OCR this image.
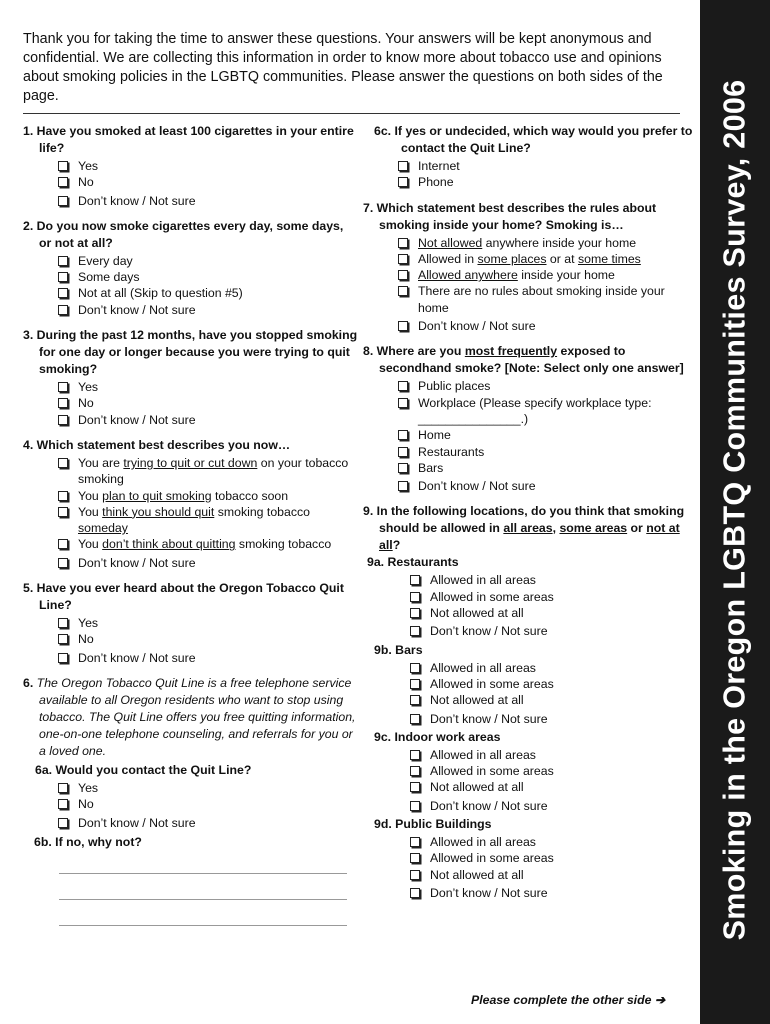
Smoking in the Oregon LGBTQ Communities Survey, 2006
Thank you for taking the time to answer these questions. Your answers will be kept anonymous and confidential. We are collecting this information in order to know more about tobacco use and opinions about smoking policies in the LGBTQ communities. Please answer the questions on both sides of the page.
1. Have you smoked at least 100 cigarettes in your entire life?
Yes
No
Don’t know / Not sure
2. Do you now smoke cigarettes every day, some days, or not at all?
Every day
Some days
Not at all (Skip to question #5)
Don’t know / Not sure
3. During the past 12 months, have you stopped smoking for one day or longer because you were trying to quit smoking?
Yes
No
Don’t know / Not sure
4. Which statement best describes you now…
You are trying to quit or cut down on your tobacco smoking
You plan to quit smoking tobacco soon
You think you should quit smoking tobacco someday
You don’t think about quitting smoking tobacco
Don’t know / Not sure
5. Have you ever heard about the Oregon Tobacco Quit Line?
Yes
No
Don’t know / Not sure
6. The Oregon Tobacco Quit Line is a free telephone service available to all Oregon residents who want to stop using tobacco. The Quit Line offers you free quitting information, one-on-one telephone counseling, and referrals for you or a loved one.
6a. Would you contact the Quit Line?
Yes
No
Don’t know / Not sure
6b. If no, why not?
6c. If yes or undecided, which way would you prefer to contact the Quit Line?
Internet
Phone
7. Which statement best describes the rules about smoking inside your home? Smoking is…
Not allowed anywhere inside your home
Allowed in some places or at some times
Allowed anywhere inside your home
There are no rules about smoking inside your home
Don’t know / Not sure
8. Where are you most frequently exposed to secondhand smoke? [Note: Select only one answer]
Public places
Workplace (Please specify workplace type: _______________.)
Home
Restaurants
Bars
Don’t know / Not sure
9. In the following locations, do you think that smoking should be allowed in all areas, some areas or not at all?
9a. Restaurants
Allowed in all areas
Allowed in some areas
Not allowed at all
Don’t know / Not sure
9b. Bars
Allowed in all areas
Allowed in some areas
Not allowed at all
Don’t know / Not sure
9c. Indoor work areas
Allowed in all areas
Allowed in some areas
Not allowed at all
Don’t know / Not sure
9d. Public Buildings
Allowed in all areas
Allowed in some areas
Not allowed at all
Don’t know / Not sure
Please complete the other side ➔
